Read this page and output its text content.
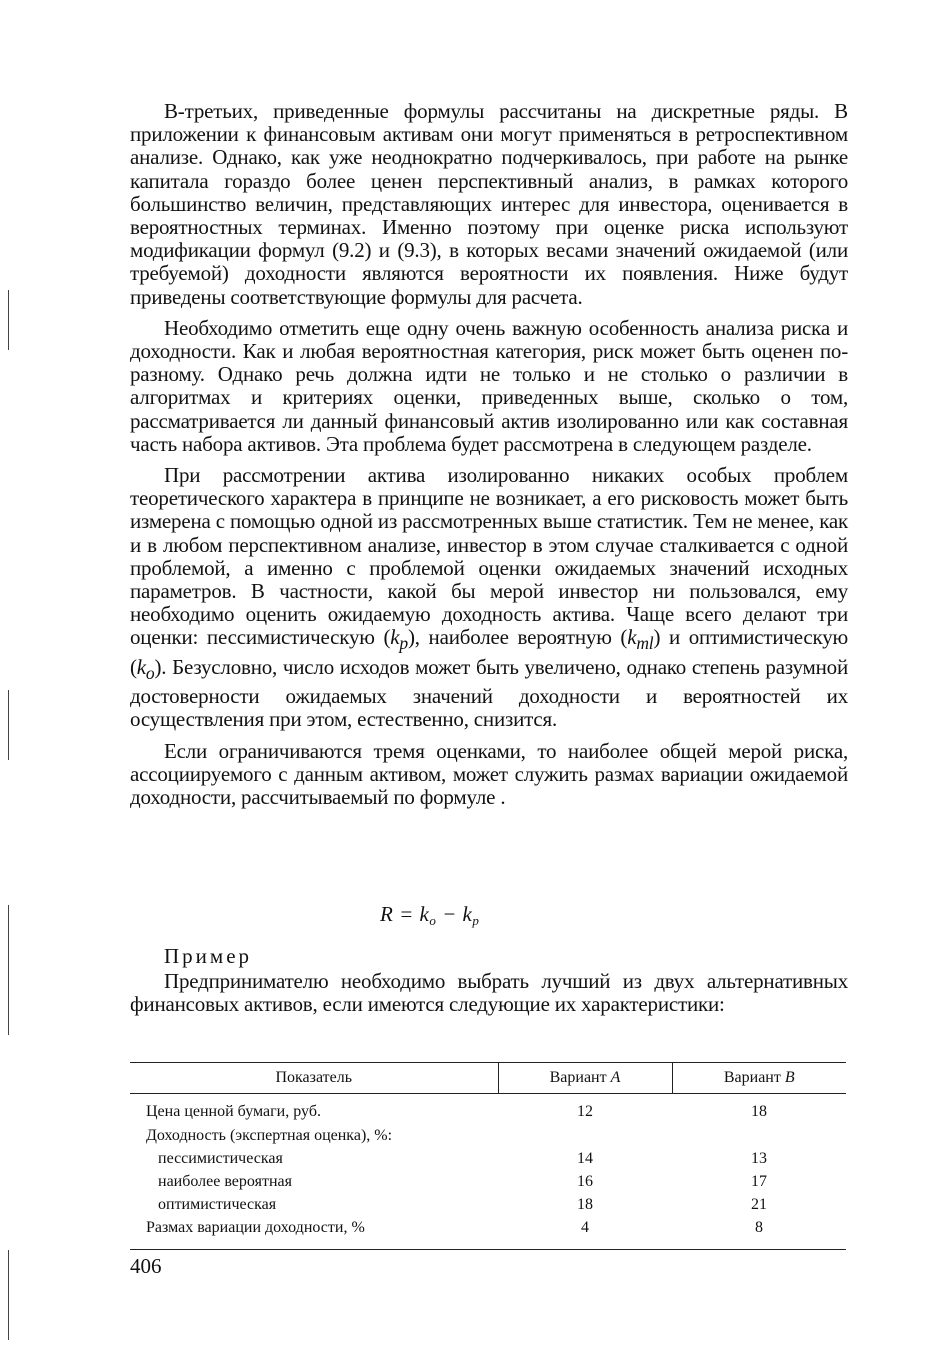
В-третьих, приведенные формулы рассчитаны на дискретные ряды. В приложении к финансовым активам они могут применяться в ретроспективном анализе. Однако, как уже неоднократно подчеркивалось, при работе на рынке капитала гораздо более ценен перспективный анализ, в рамках которого большинство величин, представляющих интерес для инвестора, оценивается в вероятностных терминах. Именно поэтому при оценке риска используют модификации формул (9.2) и (9.3), в которых весами значений ожидаемой (или требуемой) доходности являются вероятности их появления. Ниже будут приведены соответствующие формулы для расчета.

Необходимо отметить еще одну очень важную особенность анализа риска и доходности. Как и любая вероятностная категория, риск может быть оценен по-разному. Однако речь должна идти не только и не столько о различии в алгоритмах и критериях оценки, приведенных выше, сколько о том, рассматривается ли данный финансовый актив изолированно или как составная часть набора активов. Эта проблема будет рассмотрена в следующем разделе.

При рассмотрении актива изолированно никаких особых проблем теоретического характера в принципе не возникает, а его рисковость может быть измерена с помощью одной из рассмотренных выше статистик. Тем не менее, как и в любом перспективном анализе, инвестор в этом случае сталкивается с одной проблемой, а именно с проблемой оценки ожидаемых значений исходных параметров. В частности, какой бы мерой инвестор ни пользовался, ему необходимо оценить ожидаемую доходность актива. Чаще всего делают три оценки: пессимистическую $(k_p)$, наиболее вероятную $(k_{ml})$ и оптимистическую $(k_o)$. Безусловно, число исходов может быть увеличено, однако степень разумной достоверности ожидаемых значений доходности и вероятностей их осуществления при этом, естественно, снизится.

Если ограничиваются тремя оценками, то наиболее общей мерой риска, ассоциируемого с данным активом, может служить размах вариации ожидаемой доходности, рассчитываемый по формуле .

$R = k_o - k_p$
Пример
Предпринимателю необходимо выбрать лучший из двух альтернативных финансовых активов, если имеются следующие их характеристики:
Показатель	Вариант A	Вариант B
Цена ценной бумаги, руб.	12	18
Доходность (экспертная оценка), %:		
пессимистическая	14	13
наиболее вероятная	16	17
оптимистическая	18	21
Размах вариации доходности, %	4	8
406
